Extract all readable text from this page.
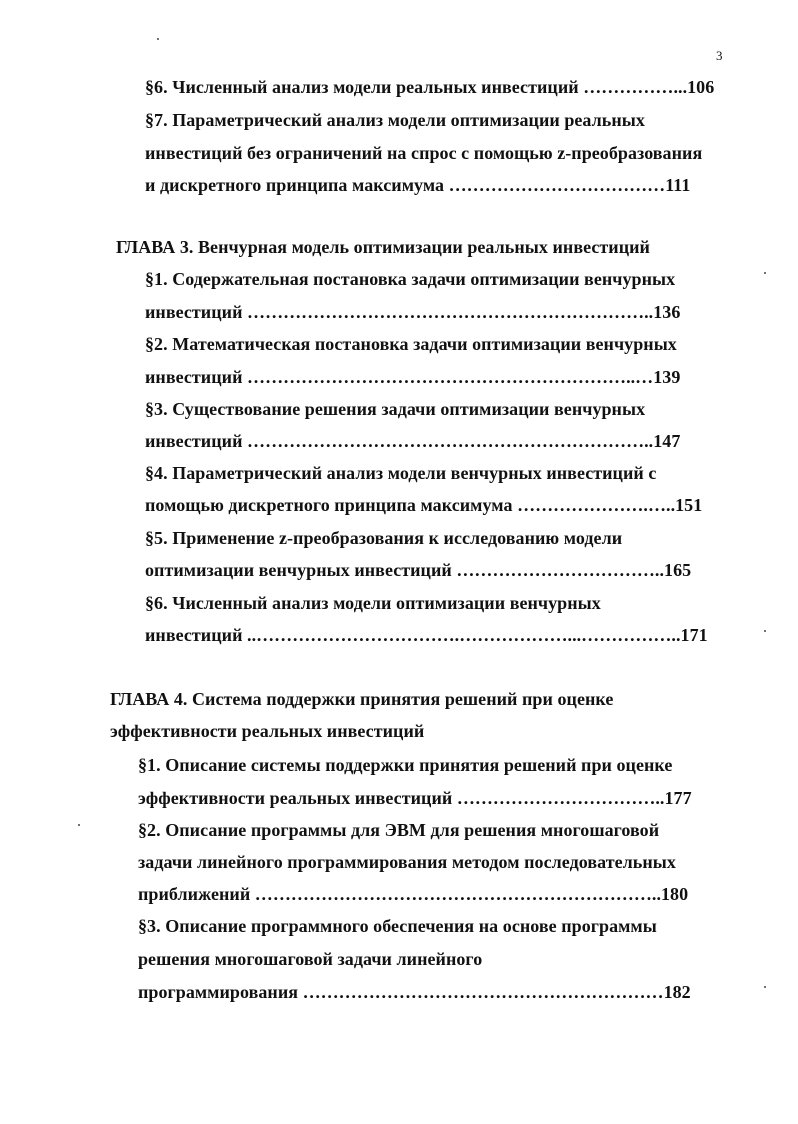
3
§6. Численный анализ модели реальных инвестиций ……………...106
§7. Параметрический анализ модели оптимизации реальных
инвестиций без ограничений на спрос с помощью z-преобразования
и дискретного принципа максимума ………………………………111
ГЛАВА 3. Венчурная модель оптимизации реальных инвестиций
§1. Содержательная постановка задачи оптимизации венчурных
инвестиций …………………………………………………………..136
§2. Математическая постановка задачи оптимизации венчурных
инвестиций ………………………………………………………..…139
§3. Существование решения задачи оптимизации венчурных
инвестиций …………………………………………………………..147
§4. Параметрический анализ модели венчурных инвестиций с
помощью дискретного принципа максимума ………………….…..151
§5. Применение z-преобразования к исследованию модели
оптимизации венчурных инвестиций ……………………………..165
§6. Численный анализ модели оптимизации венчурных
инвестиций ..…………………………….………………...……………..171
ГЛАВА 4. Система поддержки принятия решений при оценке
эффективности реальных инвестиций
§1. Описание системы поддержки принятия решений при оценке
эффективности реальных инвестиций ……………………………..177
§2. Описание программы для ЭВМ для решения многошаговой
задачи линейного программирования методом последовательных
приближений …………………………………………………………..180
§3. Описание программного обеспечения на основе программы
решения многошаговой задачи линейного
программирования ……………………………………………………182
